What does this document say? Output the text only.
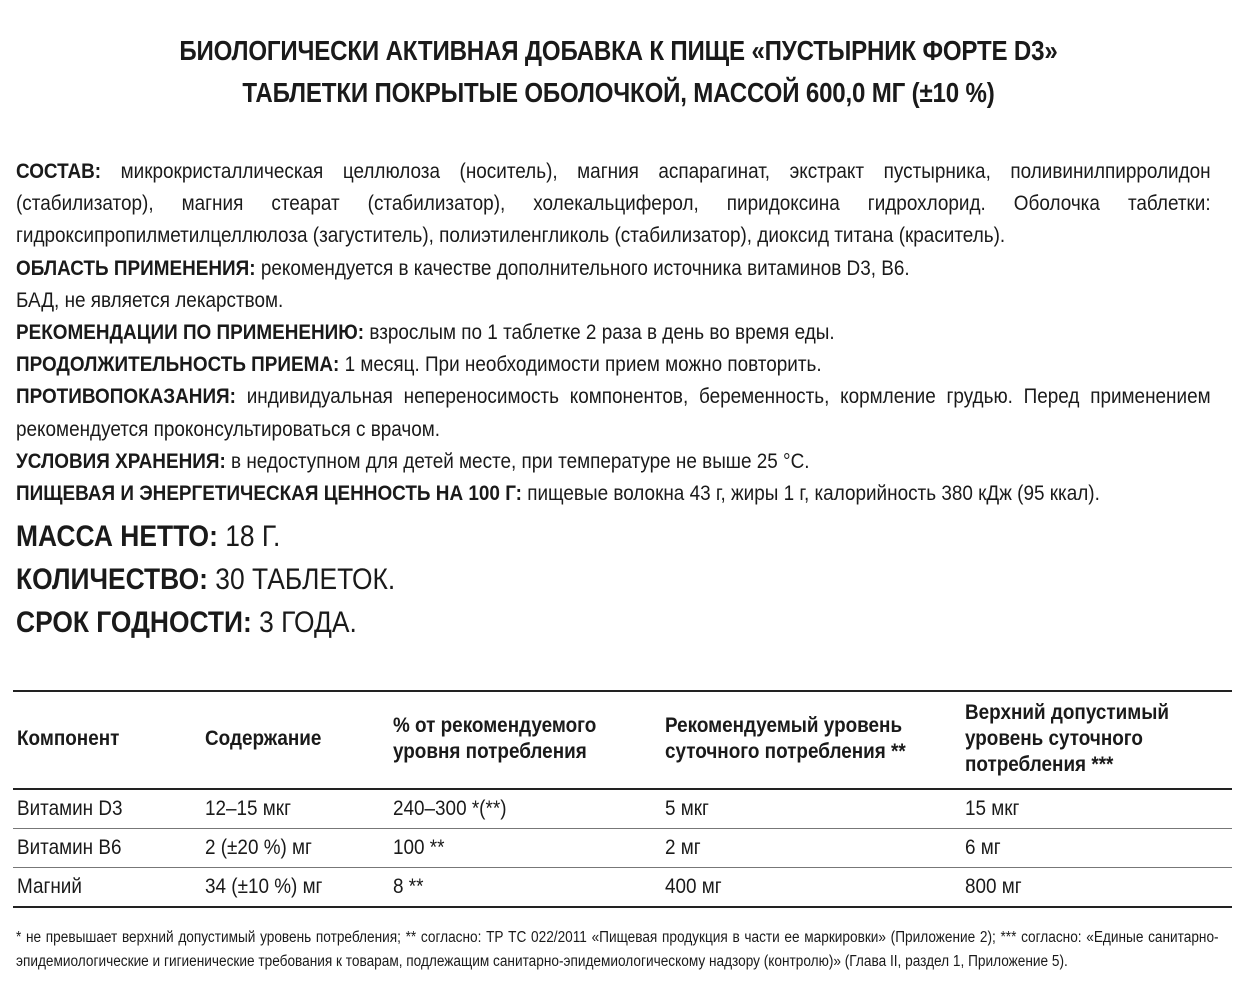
БИОЛОГИЧЕСКИ АКТИВНАЯ ДОБАВКА К ПИЩЕ «ПУСТЫРНИК ФОРТЕ D3»
ТАБЛЕТКИ ПОКРЫТЫЕ ОБОЛОЧКОЙ, МАССОЙ 600,0 МГ (±10 %)
СОСТАВ: микрокристаллическая целлюлоза (носитель), магния аспарагинат, экстракт пустырника, поливинилпирролидон (стабилизатор), магния стеарат (стабилизатор), холекальциферол, пиридоксина гидрохлорид. Оболочка таблетки: гидроксипропилметилцеллюлоза (загуститель), полиэтиленгликоль (стабилизатор), диоксид титана (краситель).
ОБЛАСТЬ ПРИМЕНЕНИЯ: рекомендуется в качестве дополнительного источника витаминов D3, B6.
БАД, не является лекарством.
РЕКОМЕНДАЦИИ ПО ПРИМЕНЕНИЮ: взрослым по 1 таблетке 2 раза в день во время еды.
ПРОДОЛЖИТЕЛЬНОСТЬ ПРИЕМА: 1 месяц. При необходимости прием можно повторить.
ПРОТИВОПОКАЗАНИЯ: индивидуальная непереносимость компонентов, беременность, кормление грудью. Перед применением рекомендуется проконсультироваться с врачом.
УСЛОВИЯ ХРАНЕНИЯ: в недоступном для детей месте, при температуре не выше 25 °С.
ПИЩЕВАЯ И ЭНЕРГЕТИЧЕСКАЯ ЦЕННОСТЬ НА 100 Г: пищевые волокна 43 г, жиры 1 г, калорийность 380 кДж (95 ккал).
МАССА НЕТТО: 18 Г.
КОЛИЧЕСТВО: 30 ТАБЛЕТОК.
СРОК ГОДНОСТИ: 3 ГОДА.
Компонент	Содержание	% от рекомендуемого уровня потребления	Рекомендуемый уровень суточного потребления **	Верхний допустимый уровень суточного потребления ***

Витамин D3	12–15 мкг	240–300 *(**)	5 мкг	15 мкг
Витамин B6	2 (±20 %) мг	100 **	2 мг	6 мг
Магний	34 (±10 %) мг	8 **	400 мг	800 мг
* не превышает верхний допустимый уровень потребления; ** согласно: ТР ТС 022/2011 «Пищевая продукция в части ее маркировки» (Приложение 2); *** согласно: «Единые санитарно-эпидемиологические и гигиенические требования к товарам, подлежащим санитарно-эпидемиологическому надзору (контролю)» (Глава II, раздел 1, Приложение 5).
